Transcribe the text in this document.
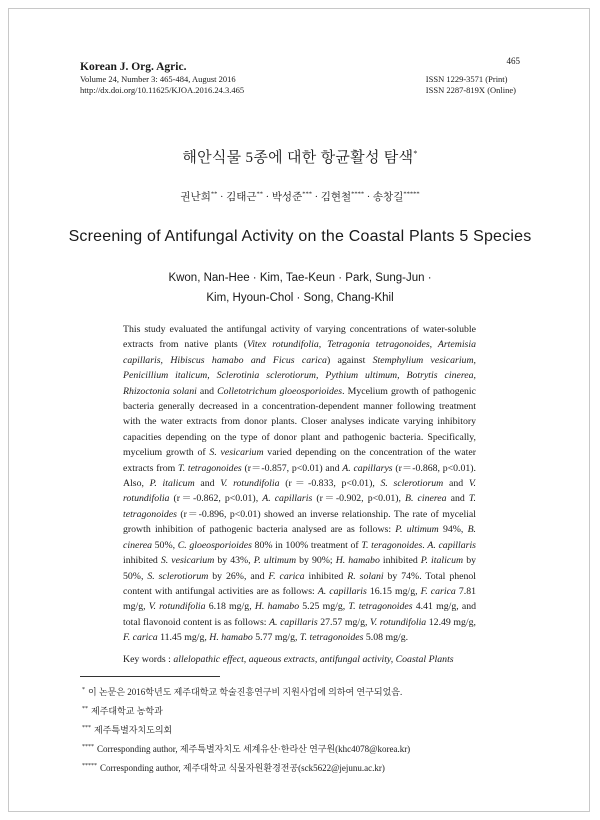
Korean J. Org. Agric.
Volume 24, Number 3: 465-484, August 2016
http://dx.doi.org/10.11625/KJOA.2016.24.3.465
465
ISSN 1229-3571 (Print)
ISSN 2287-819X (Online)
해안식물 5종에 대한 항균활성 탐색*
권난희** · 김태근** · 박성준*** · 김현철**** · 송창길*****
Screening of Antifungal Activity on the Coastal Plants 5 Species
Kwon, Nan-Hee · Kim, Tae-Keun · Park, Sung-Jun ·
Kim, Hyoun-Chol · Song, Chang-Khil

This study evaluated the antifungal activity of varying concentrations of water-soluble extracts from native plants (Vitex rotundifolia, Tetragonia tetragonoides, Artemisia capillaris, Hibiscus hamabo and Ficus carica) against Stemphylium vesicarium, Penicillium italicum, Sclerotinia sclerotiorum, Pythium ultimum, Botrytis cinerea, Rhizoctonia solani and Colletotrichum gloeosporioides. Mycelium growth of pathogenic bacteria generally decreased in a concentration-dependent manner following treatment with the water extracts from donor plants. Closer analyses indicate varying inhibitory capacities depending on the type of donor plant and pathogenic bacteria. Specifically, mycelium growth of S. vesicarium varied depending on the concentration of the water extracts from T. tetragonoides (r＝-0.857, p<0.01) and A. capillarys (r＝-0.868, p<0.01). Also, P. italicum and V. rotundifolia (r＝-0.833, p<0.01), S. sclerotiorum and V. rotundifolia (r＝-0.862, p<0.01), A. capillaris (r＝-0.902, p<0.01), B. cinerea and T. tetragonoides (r＝-0.896, p<0.01) showed an inverse relationship. The rate of mycelial growth inhibition of pathogenic bacteria analysed are as follows: P. ultimum 94%, B. cinerea 50%, C. gloeosporioides 80% in 100% treatment of T. teragonoides. A. capillaris inhibited S. vesicarium by 43%, P. ultimum by 90%; H. hamabo inhibited P. italicum by 50%, S. sclerotiorum by 26%, and F. carica inhibited R. solani by 74%. Total phenol content with antifungal activities are as follows: A. capillaris 16.15 mg/g, F. carica 7.81 mg/g, V. rotundifolia 6.18 mg/g, H. hamabo 5.25 mg/g, T. tetragonoides 4.41 mg/g, and total flavonoid content is as follows: A. capillaris 27.57 mg/g, V. rotundifolia 12.49 mg/g, F. carica 11.45 mg/g, H. hamabo 5.77 mg/g, T. tetragonoides 5.08 mg/g.

Key words : allelopathic effect, aqueous extracts, antifungal activity, Coastal Plants
* 이 논문은 2016학년도 제주대학교 학술진흥연구비 지원사업에 의하여 연구되었음.
** 제주대학교 농학과
*** 제주특별자치도의회
**** Corresponding author, 제주특별자치도 세계유산·한라산 연구원(khc4078@korea.kr)
***** Corresponding author, 제주대학교 식물자원환경전공(sck5622@jejunu.ac.kr)
